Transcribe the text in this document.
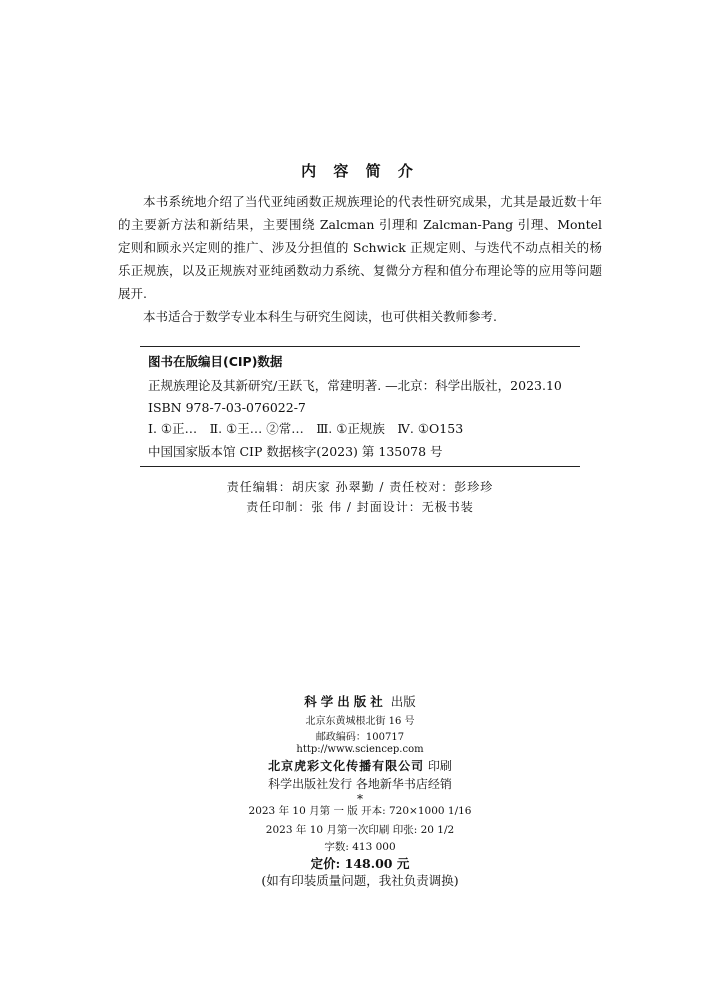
内 容 简 介

本书系统地介绍了当代亚纯函数正规族理论的代表性研究成果，尤其是最近数十年的主要新方法和新结果，主要围绕 Zalcman 引理和 Zalcman-Pang 引理、Montel 定则和顾永兴定则的推广、涉及分担值的 Schwick 正规定则、与迭代不动点相关的杨乐正规族，以及正规族对亚纯函数动力系统、复微分方程和值分布理论等的应用等问题展开.

本书适合于数学专业本科生与研究生阅读，也可供相关教师参考.

图书在版编目(CIP)数据
正规族理论及其新研究/王跃飞，常建明著. —北京：科学出版社，2023.10
ISBN 978-7-03-076022-7
Ⅰ. ①正…　Ⅱ. ①王… ②常…　Ⅲ. ①正规族　Ⅳ. ①O153
中国国家版本馆 CIP 数据核字(2023) 第 135078 号
责任编辑：胡庆家 孙翠勤 / 责任校对：彭珍珍
责任印制：张 伟 / 封面设计：无极书装
科学出版社 出版
北京东黄城根北街 16 号
邮政编码：100717
http://www.sciencep.com
北京虎彩文化传播有限公司 印刷
科学出版社发行 各地新华书店经销
*
2023 年 10 月第 一 版 开本: 720×1000 1/16
2023 年 10 月第一次印刷 印张: 20 1/2
字数: 413 000
定价: 148.00 元
(如有印装质量问题，我社负责调换)
